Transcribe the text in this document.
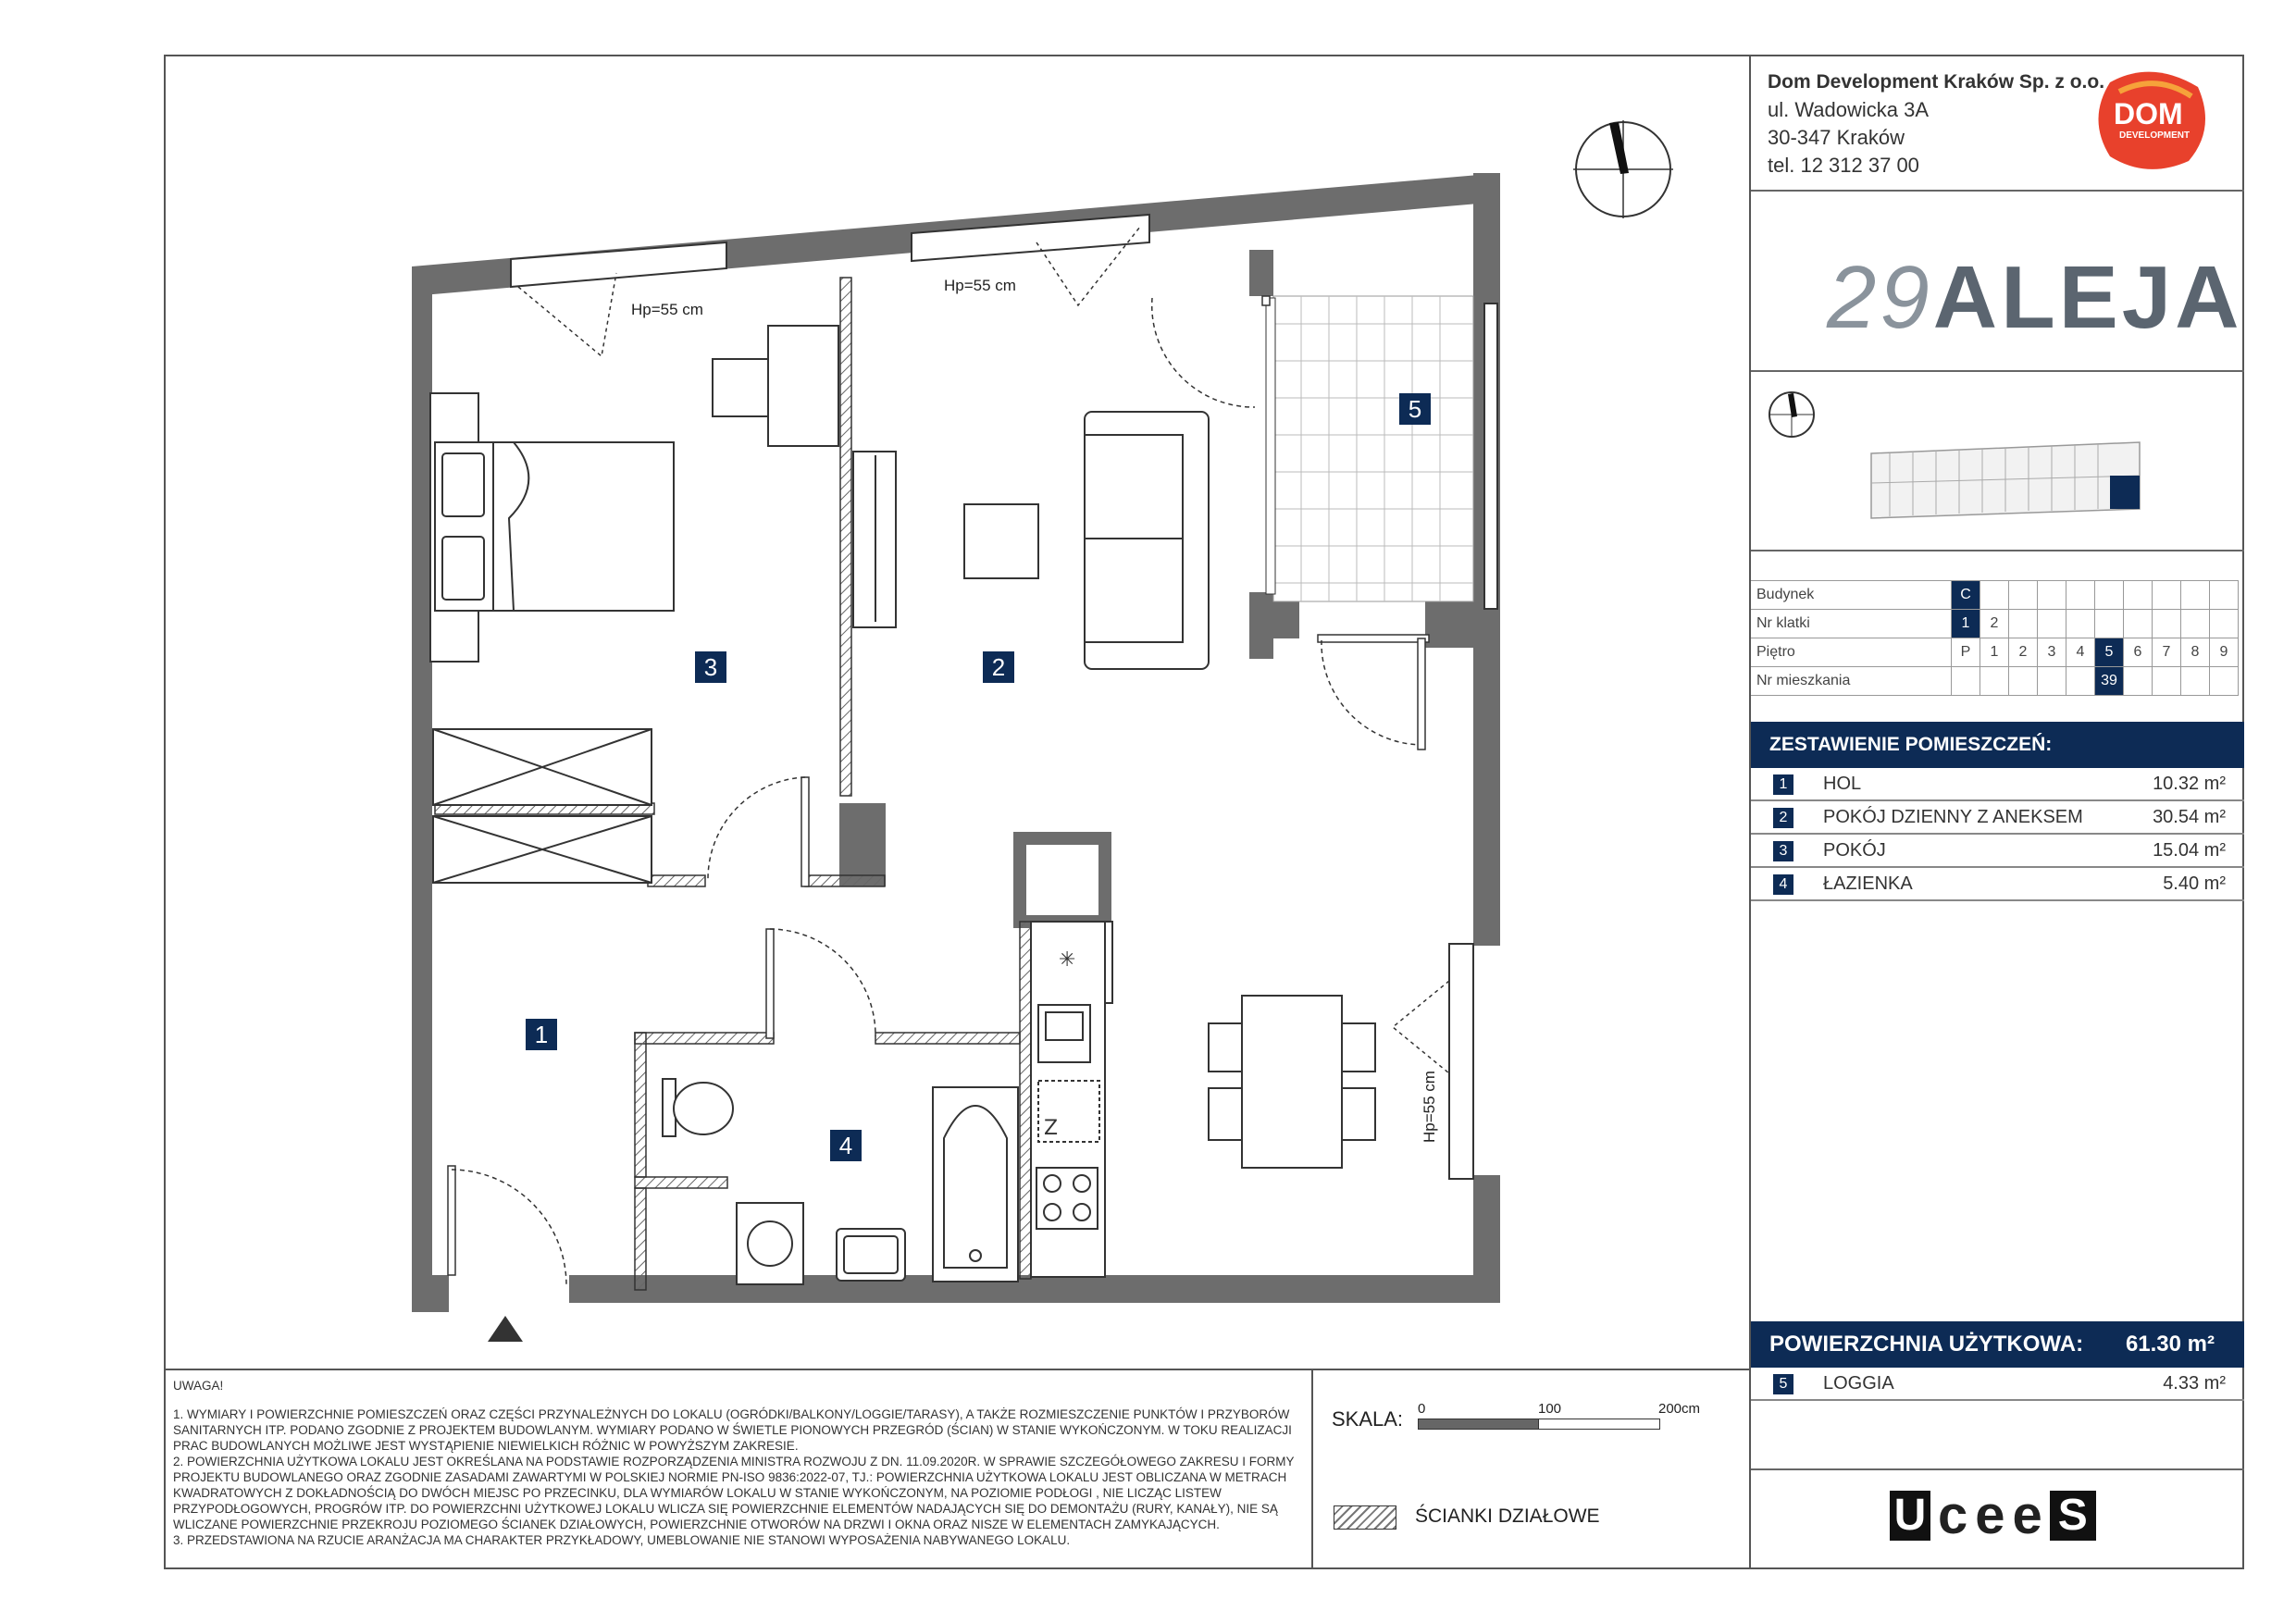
Hp=55 cm
Hp=55 cm
Hp=55 cm
✳
Z
1
2
3
4
5
Dom Development Kraków Sp. z o.o.
ul. Wadowicka 3A
30-347 Kraków
tel. 12 312 37 00
DOM
DEVELOPMENT
29ALEJA
Budynek	C									
Nr klatki	1	2								
Piętro	P	1	2	3	4	5	6	7	8	9
Nr mieszkania						39				
ZESTAWIENIE POMIESZCZEŃ:
1	HOL	10.32 m²
2	POKÓJ DZIENNY Z ANEKSEM	30.54 m²
3	POKÓJ	15.04 m²
4	ŁAZIENKA	5.40 m²
POWIERZCHNIA UŻYTKOWA: 61.30 m²
5	LOGGIA	4.33 m²
U c e e S
UWAGA!
1. WYMIARY I POWIERZCHNIE POMIESZCZEŃ ORAZ CZĘŚCI PRZYNALEŻNYCH DO LOKALU (OGRÓDKI/BALKONY/LOGGIE/TARASY), A TAKŻE ROZMIESZCZENIE PUNKTÓW I PRZYBORÓW SANITARNYCH ITP. PODANO ZGODNIE Z PROJEKTEM BUDOWLANYM. WYMIARY PODANO W ŚWIETLE PIONOWYCH PRZEGRÓD (ŚCIAN) W STANIE WYKOŃCZONYM. W TOKU REALIZACJI PRAC BUDOWLANYCH MOŻLIWE JEST WYSTĄPIENIE NIEWIELKICH RÓŻNIC W POWYŻSZYM ZAKRESIE.
2. POWIERZCHNIA UŻYTKOWA LOKALU JEST OKREŚLANA NA PODSTAWIE ROZPORZĄDZENIA MINISTRA ROZWOJU Z DN. 11.09.2020R. W SPRAWIE SZCZEGÓŁOWEGO ZAKRESU I FORMY PROJEKTU BUDOWLANEGO ORAZ ZGODNIE ZASADAMI ZAWARTYMI W POLSKIEJ NORMIE PN-ISO 9836:2022-07, TJ.: POWIERZCHNIA UŻYTKOWA LOKALU JEST OBLICZANA W METRACH KWADRATOWYCH Z DOKŁADNOŚCIĄ DO DWÓCH MIEJSC PO PRZECINKU, DLA WYMIARÓW LOKALU W STANIE WYKOŃCZONYM, NA POZIOMIE PODŁOGI , NIE LICZĄC LISTEW PRZYPODŁOGOWYCH, PROGRÓW ITP. DO POWIERZCHNI UŻYTKOWEJ LOKALU WLICZA SIĘ POWIERZCHNIE ELEMENTÓW NADAJĄCYCH SIĘ DO DEMONTAŻU (RURY, KANAŁY), NIE SĄ WLICZANE POWIERZCHNIE PRZEKROJU POZIOMEGO ŚCIANEK DZIAŁOWYCH, POWIERZCHNIE OTWORÓW NA DRZWI I OKNA ORAZ NISZE W ELEMENTACH ZAMYKAJĄCYCH.
3. PRZEDSTAWIONA NA RZUCIE ARANŻACJA MA CHARAKTER PRZYKŁADOWY, UMEBLOWANIE NIE STANOWI WYPOSAŻENIA NABYWANEGO LOKALU.
SKALA: 0	100	200cm
ŚCIANKI DZIAŁOWE
